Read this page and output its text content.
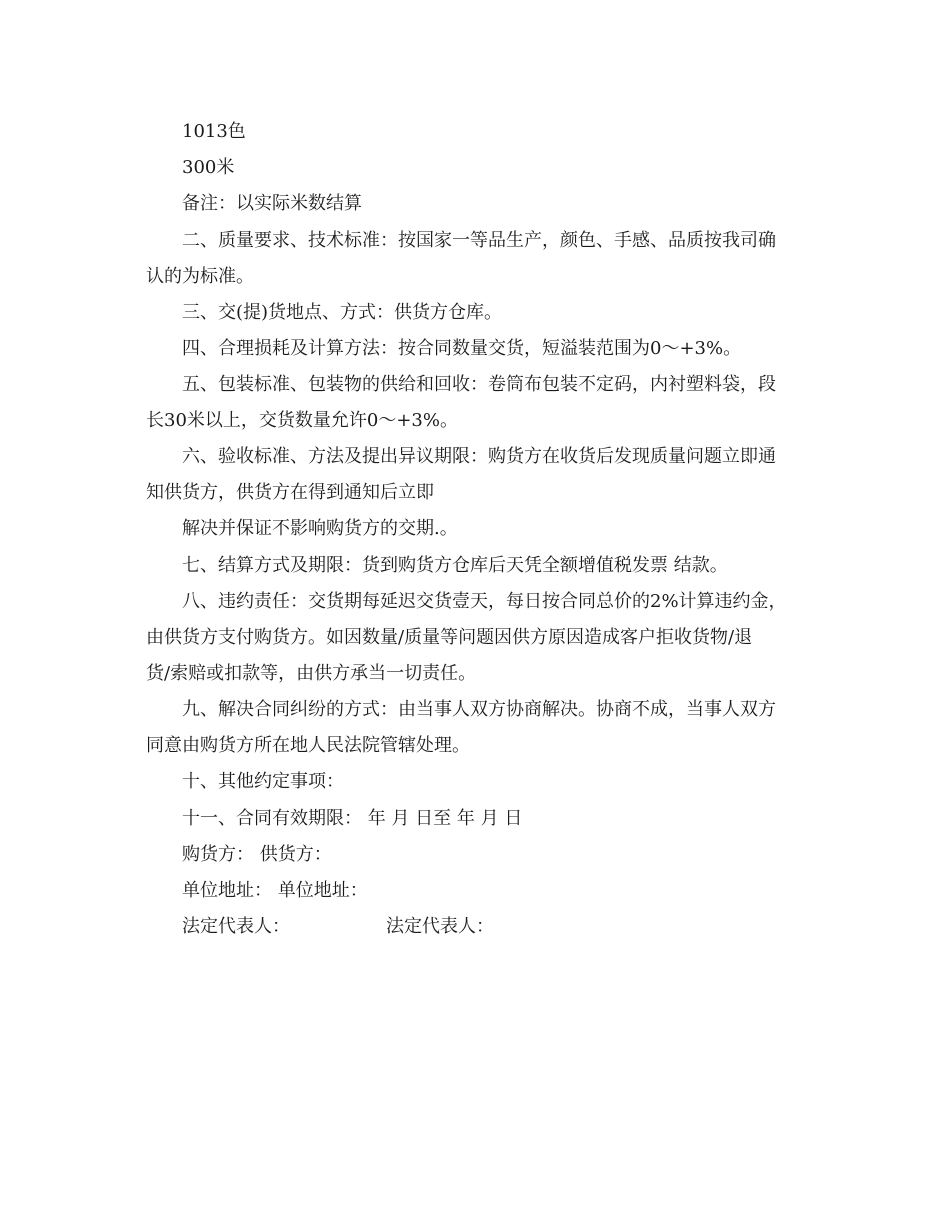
1013色
300米
备注：以实际米数结算
二、质量要求、技术标准：按国家一等品生产，颜色、手感、品质按我司确
认的为标准。
三、交(提)货地点、方式：供货方仓库。
四、合理损耗及计算方法：按合同数量交货，短溢装范围为0～+3%。
五、包装标准、包装物的供给和回收：卷筒布包装不定码，内衬塑料袋，段
长30米以上，交货数量允许0～+3%。
六、验收标准、方法及提出异议期限：购货方在收货后发现质量问题立即通
知供货方，供货方在得到通知后立即
解决并保证不影响购货方的交期.。
七、结算方式及期限：货到购货方仓库后天凭全额增值税发票 结款。
八、违约责任：交货期每延迟交货壹天，每日按合同总价的2%计算违约金，
由供货方支付购货方。如因数量/质量等问题因供方原因造成客户拒收货物/退
货/索赔或扣款等，由供方承当一切责任。
九、解决合同纠纷的方式：由当事人双方协商解决。协商不成，当事人双方
同意由购货方所在地人民法院管辖处理。
十、其他约定事项：
十一、合同有效期限： 年 月 日至 年 月 日
购货方： 供货方：
单位地址： 单位地址：
法定代表人：	法定代表人：
